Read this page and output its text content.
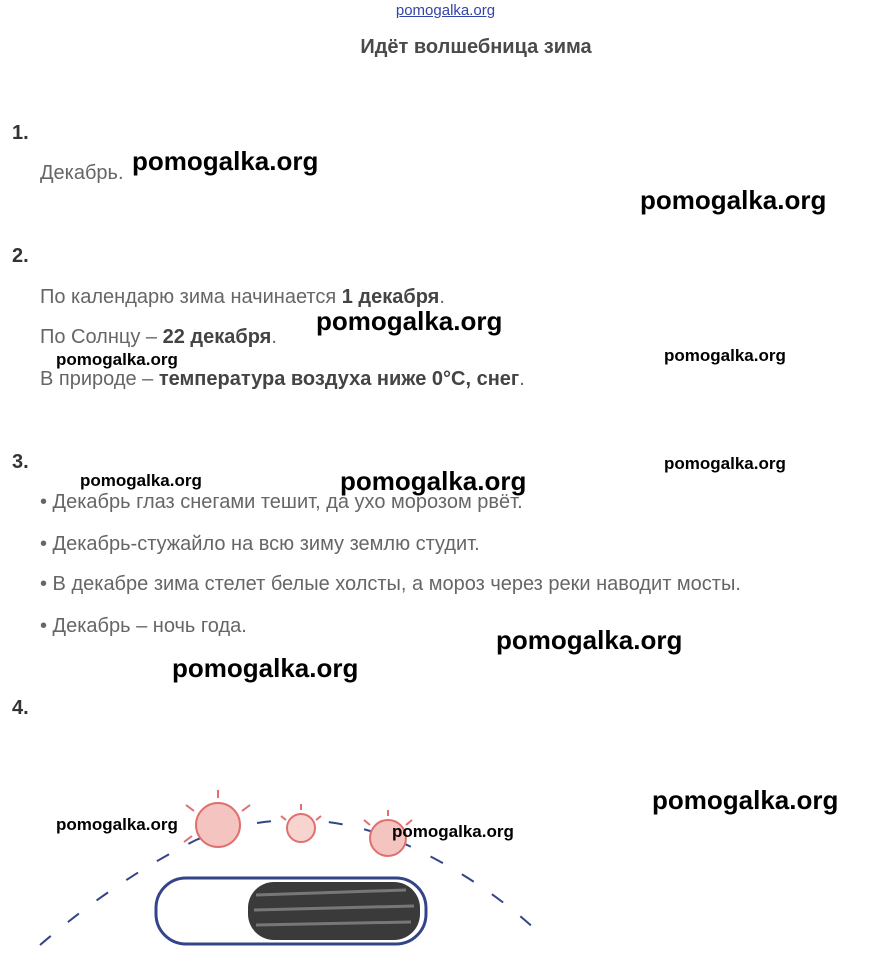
pomogalka.org
Идёт волшебница зима
1.
Декабрь.
2.
По календарю зима начинается 1 декабря.
По Солнцу – 22 декабря.
В природе – температура воздуха ниже 0°С, снег.
3.
• Декабрь глаз снегами тешит, да ухо морозом рвёт.
• Декабрь-стужайло на всю зиму землю студит.
• В декабре зима стелет белые холсты, а мороз через реки наводит мосты.
• Декабрь – ночь года.
4.
pomogalka.org
pomogalka.org
pomogalka.org
pomogalka.org	pomogalka.org
pomogalka.org	pomogalka.org
pomogalka.org
pomogalka.org
pomogalka.org
pomogalka.org
pomogalka.org	pomogalka.org
